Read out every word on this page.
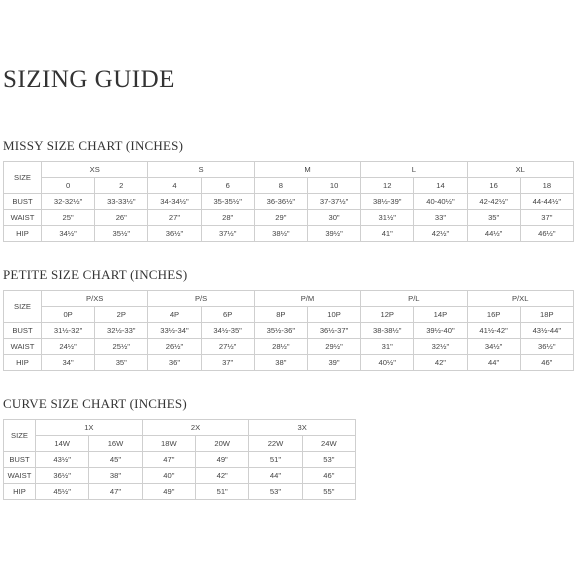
SIZING GUIDE
MISSY SIZE CHART (INCHES)
SIZE	XS		S		M		L		XL	
	0	2	4	6	8	10	12	14	16	18
BUST	32-32½"	33-33½"	34-34½"	35-35½"	36-36½"	37-37½"	38½-39"	40-40½"	42-42½"	44-44½"
WAIST	25"	26"	27"	28"	29"	30"	31½"	33"	35"	37"
HIP	34½"	35½"	36½"	37½"	38½"	39½"	41"	42½"	44½"	46½"
PETITE SIZE CHART (INCHES)
SIZE	P/XS		P/S		P/M		P/L		P/XL	
	0P	2P	4P	6P	8P	10P	12P	14P	16P	18P
BUST	31½-32"	32½-33"	33½-34"	34½-35"	35½-36"	36½-37"	38-38½"	39½-40"	41½-42"	43½-44"
WAIST	24½"	25½"	26½"	27½"	28½"	29½"	31"	32½"	34½"	36½"
HIP	34"	35"	36"	37"	38"	39"	40½"	42"	44"	46"
CURVE SIZE CHART (INCHES)
SIZE	1X		2X		3X	
	14W	16W	18W	20W	22W	24W
BUST	43½"	45"	47"	49"	51"	53"
WAIST	36½"	38"	40"	42"	44"	46"
HIP	45½"	47"	49"	51"	53"	55"
